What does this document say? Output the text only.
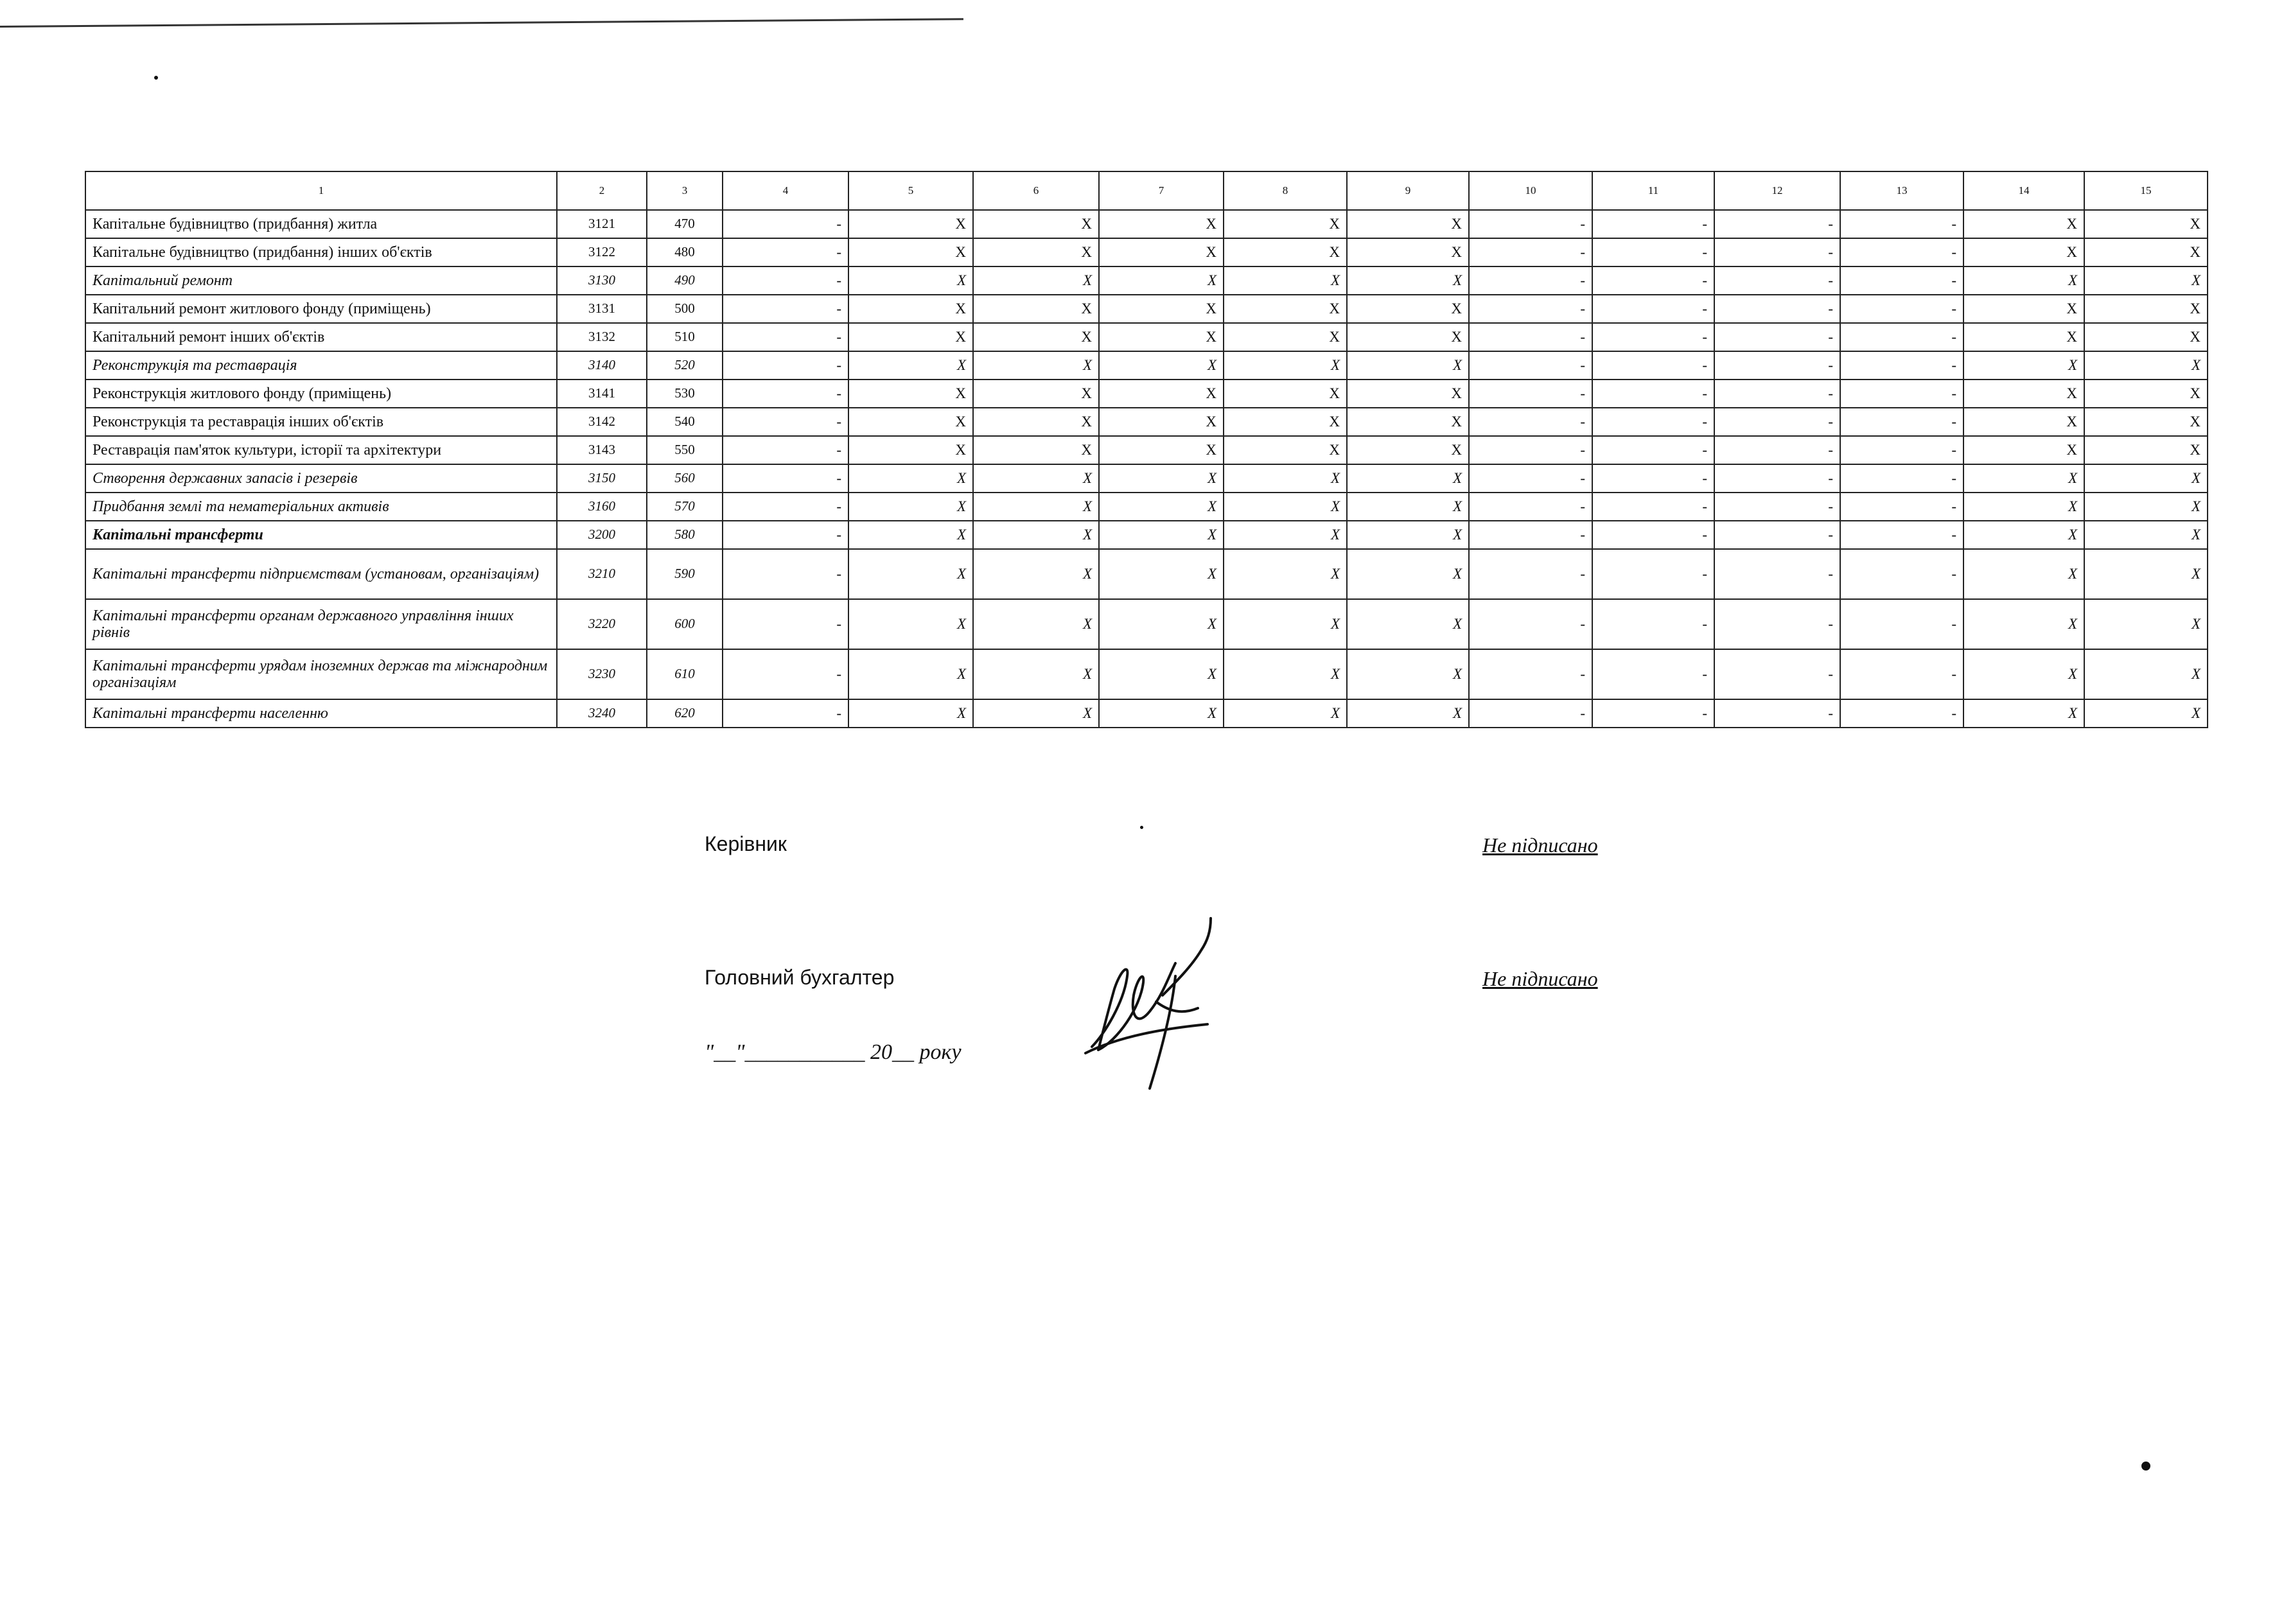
1	2	3	4	5	6	7	8	9	10	11	12	13	14	15
Капітальне будівництво (придбання) житла	3121	470	-	X	X	X	X	X	-	-	-	-	X	X
Капітальне будівництво (придбання) інших об'єктів	3122	480	-	X	X	X	X	X	-	-	-	-	X	X
Капітальний ремонт	3130	490	-	X	X	X	X	X	-	-	-	-	X	X
Капітальний ремонт житлового фонду (приміщень)	3131	500	-	X	X	X	X	X	-	-	-	-	X	X
Капітальний ремонт інших об'єктів	3132	510	-	X	X	X	X	X	-	-	-	-	X	X
Реконструкція та реставрація	3140	520	-	X	X	X	X	X	-	-	-	-	X	X
Реконструкція житлового фонду (приміщень)	3141	530	-	X	X	X	X	X	-	-	-	-	X	X
Реконструкція та реставрація інших об'єктів	3142	540	-	X	X	X	X	X	-	-	-	-	X	X
Реставрація пам'яток культури, історії та архітектури	3143	550	-	X	X	X	X	X	-	-	-	-	X	X
Створення державних запасів і резервів	3150	560	-	X	X	X	X	X	-	-	-	-	X	X
Придбання землі та нематеріальних активів	3160	570	-	X	X	X	X	X	-	-	-	-	X	X
Капітальні трансферти	3200	580	-	X	X	X	X	X	-	-	-	-	X	X
Капітальні трансферти підприємствам (установам, організаціям)	3210	590	-	X	X	X	X	X	-	-	-	-	X	X
Капітальні трансферти органам державного управління інших рівнів	3220	600	-	X	X	X	X	X	-	-	-	-	X	X
Капітальні трансферти урядам іноземних держав та міжнародним організаціям	3230	610	-	X	X	X	X	X	-	-	-	-	X	X
Капітальні трансферти населенню	3240	620	-	X	X	X	X	X	-	-	-	-	X	X
Керівник	Не підписано
Головний бухгалтер	Не підписано
"__"___________ 20__ року
